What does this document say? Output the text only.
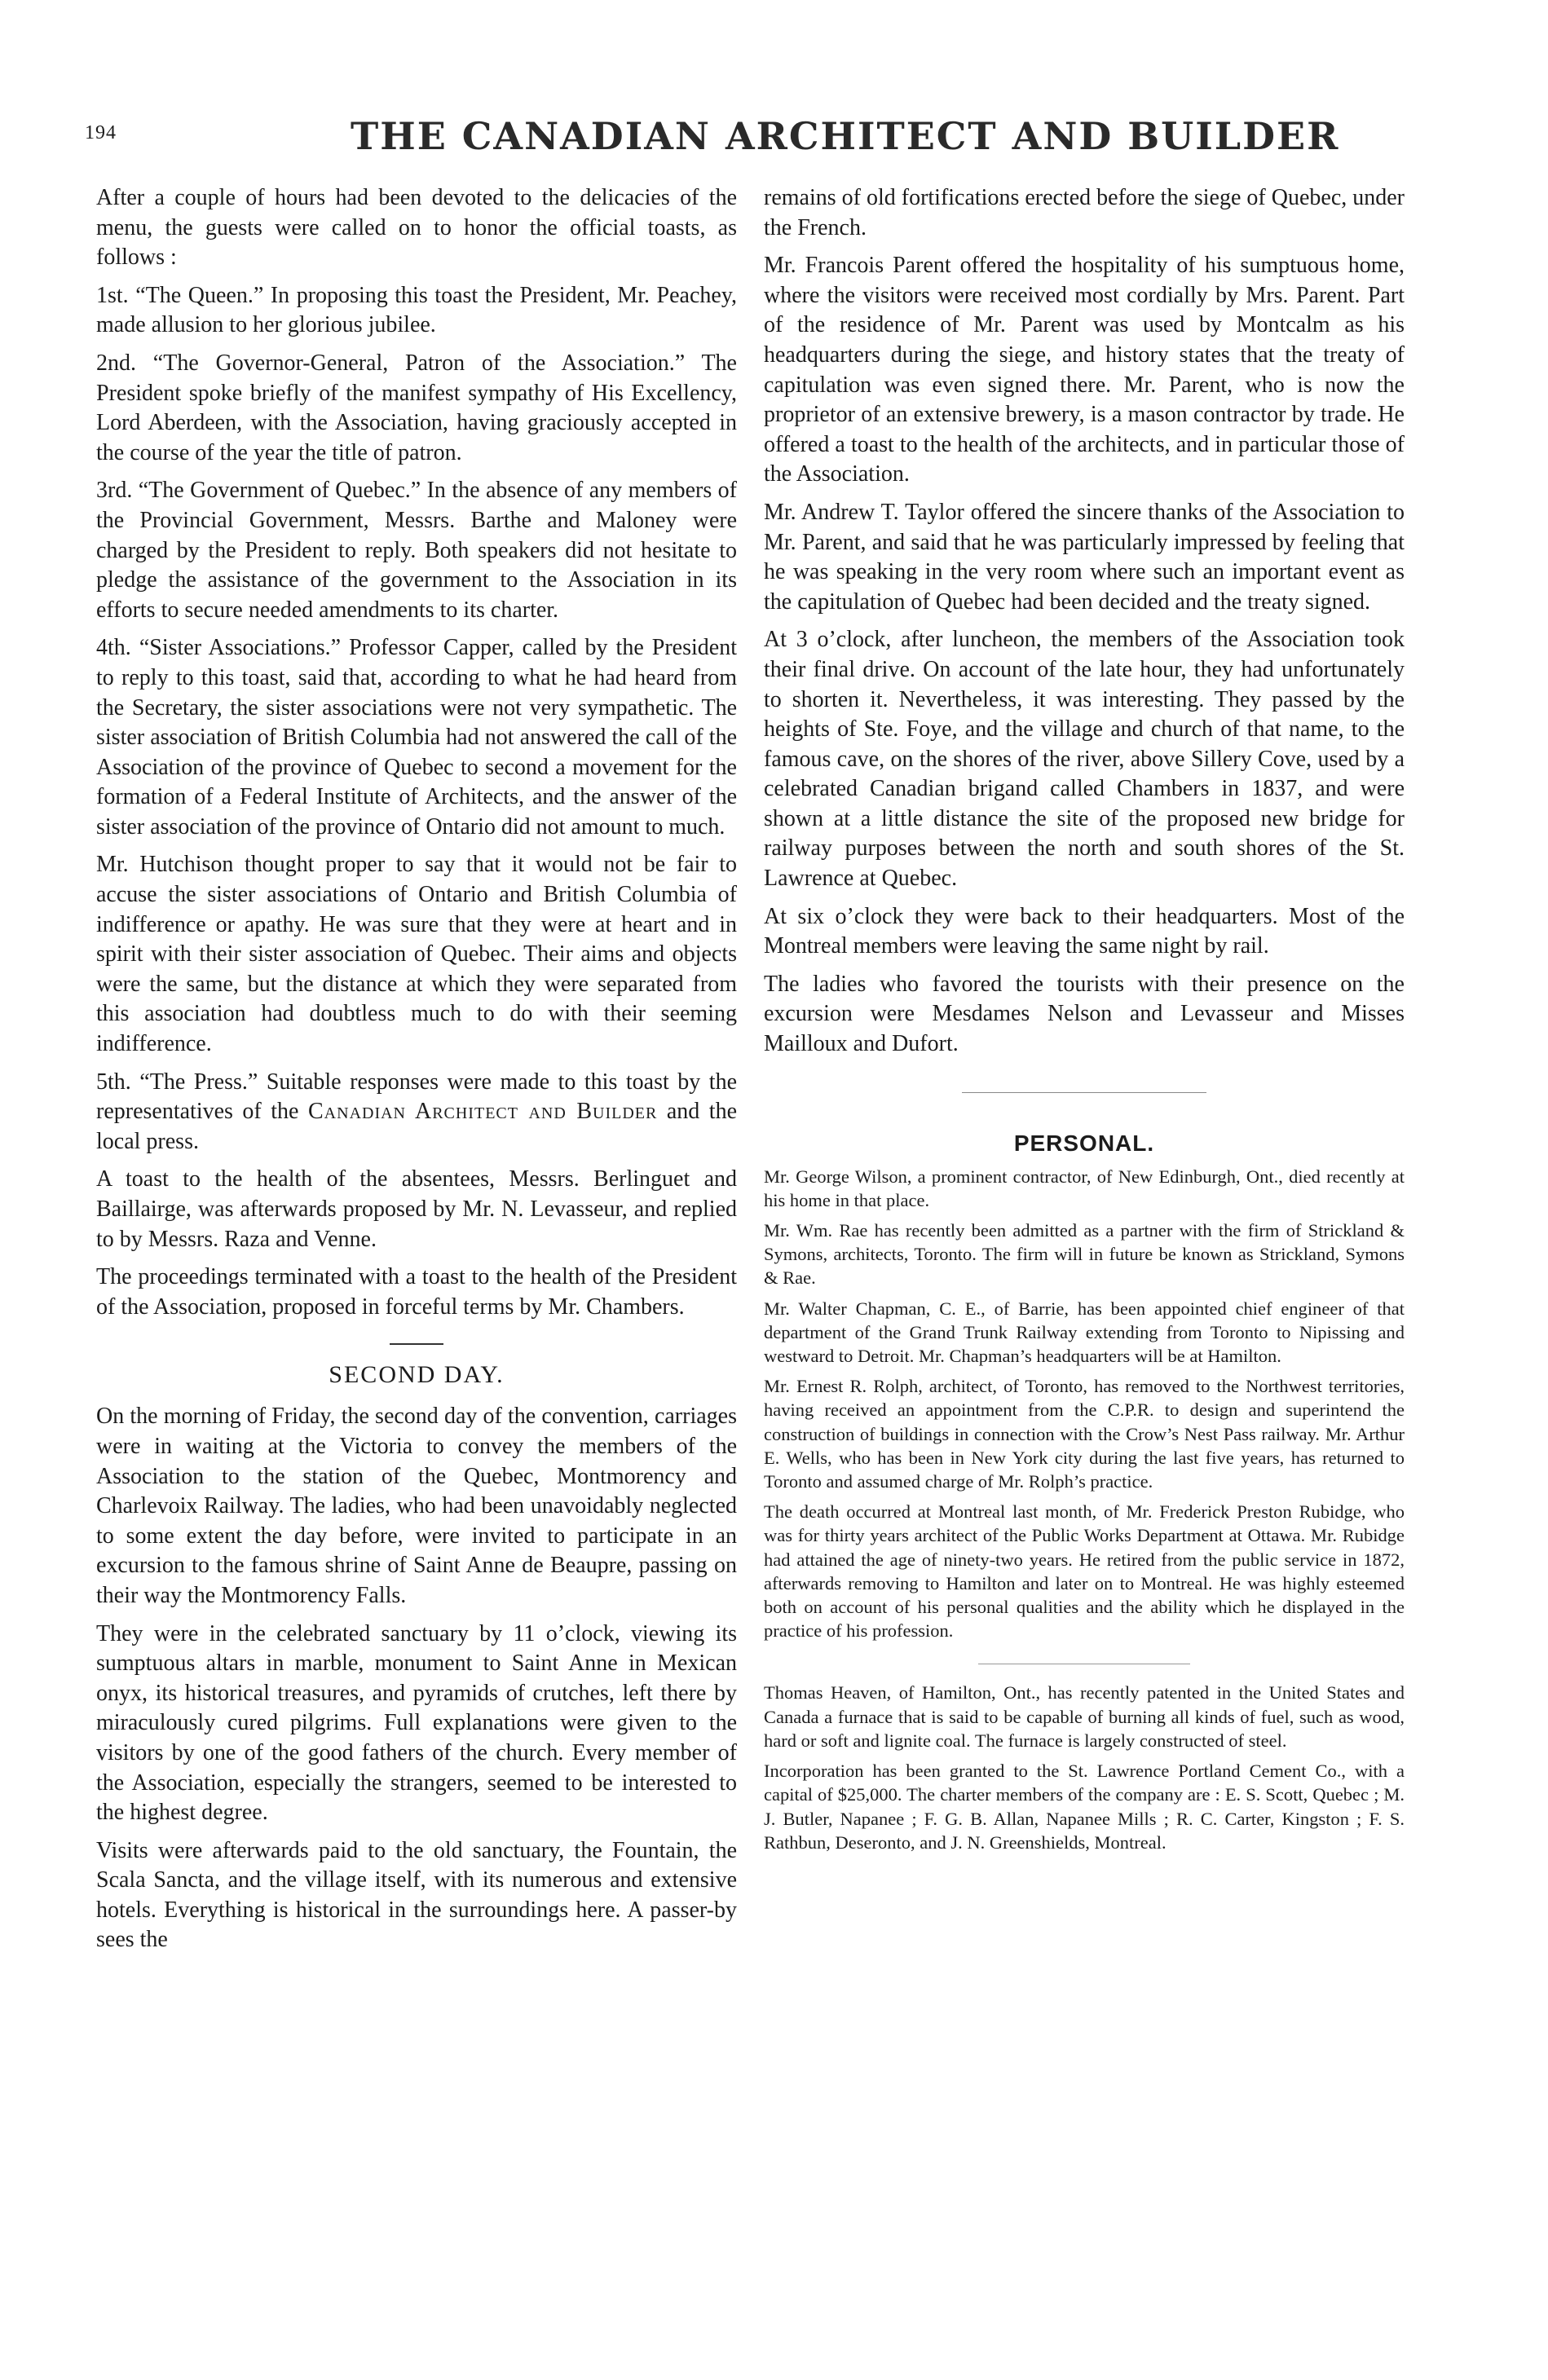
194	THE CANADIAN ARCHITECT AND BUILDER

After a couple of hours had been devoted to the delicacies of the menu, the guests were called on to honor the official toasts, as follows :

1st. “The Queen.” In proposing this toast the President, Mr. Peachey, made allusion to her glorious jubilee.

2nd. “The Governor-General, Patron of the Association.” The President spoke briefly of the manifest sympathy of His Excellency, Lord Aberdeen, with the Association, having graciously accepted in the course of the year the title of patron.

3rd. “The Government of Quebec.” In the absence of any members of the Provincial Government, Messrs. Barthe and Maloney were charged by the President to reply. Both speakers did not hesitate to pledge the assistance of the government to the Association in its efforts to secure needed amendments to its charter.

4th. “Sister Associations.” Professor Capper, called by the President to reply to this toast, said that, according to what he had heard from the Secretary, the sister associations were not very sympathetic. The sister association of British Columbia had not answered the call of the Association of the province of Quebec to second a movement for the formation of a Federal Institute of Architects, and the answer of the sister association of the province of Ontario did not amount to much.

Mr. Hutchison thought proper to say that it would not be fair to accuse the sister associations of Ontario and British Columbia of indifference or apathy. He was sure that they were at heart and in spirit with their sister association of Quebec. Their aims and objects were the same, but the distance at which they were separated from this association had doubtless much to do with their seeming indifference.

5th. “The Press.” Suitable responses were made to this toast by the representatives of the Canadian Architect and Builder and the local press.

A toast to the health of the absentees, Messrs. Berlinguet and Baillairge, was afterwards proposed by Mr. N. Levasseur, and replied to by Messrs. Raza and Venne.

The proceedings terminated with a toast to the health of the President of the Association, proposed in forceful terms by Mr. Chambers.

SECOND DAY.

On the morning of Friday, the second day of the convention, carriages were in waiting at the Victoria to convey the members of the Association to the station of the Quebec, Montmorency and Charlevoix Railway. The ladies, who had been unavoidably neglected to some extent the day before, were invited to participate in an excursion to the famous shrine of Saint Anne de Beaupre, passing on their way the Montmorency Falls.

They were in the celebrated sanctuary by 11 o’clock, viewing its sumptuous altars in marble, monument to Saint Anne in Mexican onyx, its historical treasures, and pyramids of crutches, left there by miraculously cured pilgrims. Full explanations were given to the visitors by one of the good fathers of the church. Every member of the Association, especially the strangers, seemed to be interested to the highest degree.

Visits were afterwards paid to the old sanctuary, the Fountain, the Scala Sancta, and the village itself, with its numerous and extensive hotels. Everything is historical in the surroundings here. A passer-by sees the

remains of old fortifications erected before the siege of Quebec, under the French.

Mr. Francois Parent offered the hospitality of his sumptuous home, where the visitors were received most cordially by Mrs. Parent. Part of the residence of Mr. Parent was used by Montcalm as his headquarters during the siege, and history states that the treaty of capitulation was even signed there. Mr. Parent, who is now the proprietor of an extensive brewery, is a mason contractor by trade. He offered a toast to the health of the architects, and in particular those of the Association.

Mr. Andrew T. Taylor offered the sincere thanks of the Association to Mr. Parent, and said that he was particularly impressed by feeling that he was speaking in the very room where such an important event as the capitulation of Quebec had been decided and the treaty signed.

At 3 o’clock, after luncheon, the members of the Association took their final drive. On account of the late hour, they had unfortunately to shorten it. Nevertheless, it was interesting. They passed by the heights of Ste. Foye, and the village and church of that name, to the famous cave, on the shores of the river, above Sillery Cove, used by a celebrated Canadian brigand called Chambers in 1837, and were shown at a little distance the site of the proposed new bridge for railway purposes between the north and south shores of the St. Lawrence at Quebec.

At six o’clock they were back to their headquarters. Most of the Montreal members were leaving the same night by rail.

The ladies who favored the tourists with their presence on the excursion were Mesdames Nelson and Levasseur and Misses Mailloux and Dufort.

PERSONAL.

Mr. George Wilson, a prominent contractor, of New Edinburgh, Ont., died recently at his home in that place.

Mr. Wm. Rae has recently been admitted as a partner with the firm of Strickland & Symons, architects, Toronto. The firm will in future be known as Strickland, Symons & Rae.

Mr. Walter Chapman, C. E., of Barrie, has been appointed chief engineer of that department of the Grand Trunk Railway extending from Toronto to Nipissing and westward to Detroit. Mr. Chapman’s headquarters will be at Hamilton.

Mr. Ernest R. Rolph, architect, of Toronto, has removed to the Northwest territories, having received an appointment from the C.P.R. to design and superintend the construction of buildings in connection with the Crow’s Nest Pass railway. Mr. Arthur E. Wells, who has been in New York city during the last five years, has returned to Toronto and assumed charge of Mr. Rolph’s practice.

The death occurred at Montreal last month, of Mr. Frederick Preston Rubidge, who was for thirty years architect of the Public Works Department at Ottawa. Mr. Rubidge had attained the age of ninety-two years. He retired from the public service in 1872, afterwards removing to Hamilton and later on to Montreal. He was highly esteemed both on account of his personal qualities and the ability which he displayed in the practice of his profession.

Thomas Heaven, of Hamilton, Ont., has recently patented in the United States and Canada a furnace that is said to be capable of burning all kinds of fuel, such as wood, hard or soft and lignite coal. The furnace is largely constructed of steel.

Incorporation has been granted to the St. Lawrence Portland Cement Co., with a capital of $25,000. The charter members of the company are : E. S. Scott, Quebec ; M. J. Butler, Napanee ; F. G. B. Allan, Napanee Mills ; R. C. Carter, Kingston ; F. S. Rathbun, Deseronto, and J. N. Greenshields, Montreal.
